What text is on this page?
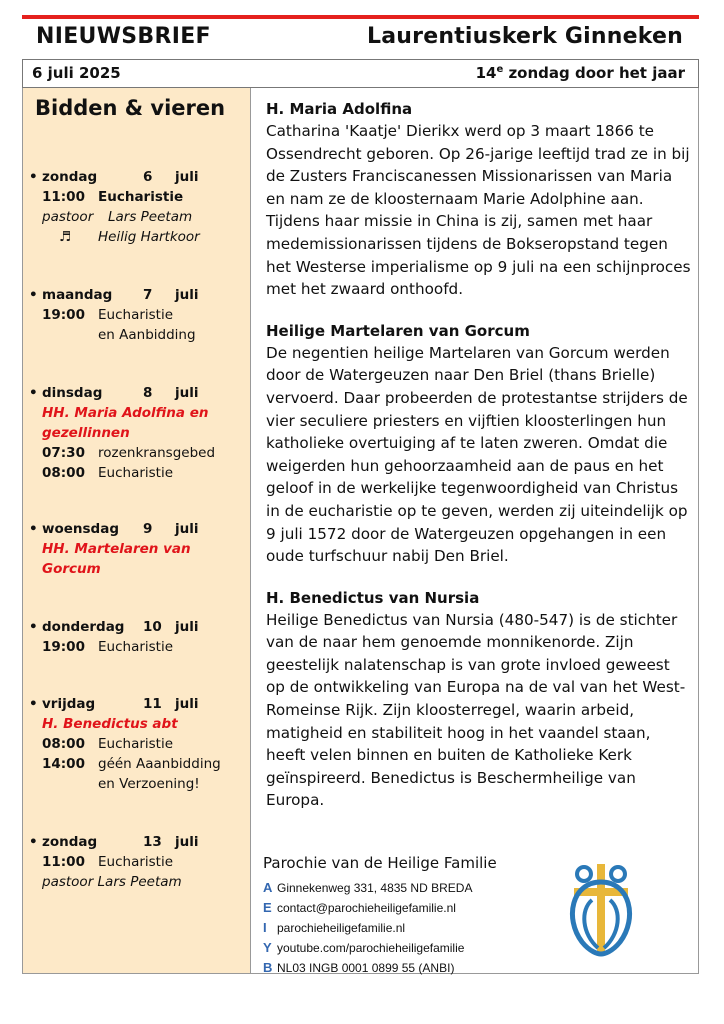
NIEUWSBRIEF	Laurentiuskerk Ginneken
6 juli 2025	14e zondag door het jaar
Bidden & vieren
• zondag	6 juli
11:00 Eucharistie
pastoor	Lars Peetam
♬	Heilig Hartkoor
• maandag 7 juli
19:00 Eucharistie
en Aanbidding
• dinsdag	8 juli
HH. Maria Adolfina en gezellinnen
07:30 rozenkransgebed
08:00 Eucharistie
• woensdag 9 juli
HH. Martelaren van Gorcum
• donderdag 10 juli
19:00 Eucharistie
• vrijdag	11 juli
H. Benedictus abt
08:00 Eucharistie
14:00 géén Aaanbidding
en Verzoening!
• zondag	13 juli
11:00 Eucharistie
pastoor Lars Peetam
H. Maria Adolfina

Catharina 'Kaatje' Dierikx werd op 3 maart 1866 te Ossendrecht geboren. Op 26-jarige leeftijd trad ze in bij de Zusters Franciscanessen Missionarissen van Maria en nam ze de kloosternaam Marie Adolphine aan. Tijdens haar missie in China is zij, samen met haar medemissionarissen tijdens de Bokseropstand tegen het Westerse imperialisme op 9 juli na een schijnproces met het zwaard onthoofd.

Heilige Martelaren van Gorcum

De negentien heilige Martelaren van Gorcum werden door de Watergeuzen naar Den Briel (thans Brielle) vervoerd. Daar probeerden de protestantse strijders de vier seculiere priesters en vijftien kloosterlingen hun katholieke overtuiging af te laten zweren. Omdat die weigerden hun gehoorzaamheid aan de paus en het geloof in de werkelijke tegenwoordigheid van Christus in de eucharistie op te geven, werden zij uiteindelijk op 9 juli 1572 door de Watergeuzen opgehangen in een oude turfschuur nabij Den Briel.

H. Benedictus van Nursia

Heilige Benedictus van Nursia (480-547) is de stichter van de naar hem genoemde monnikenorde. Zijn geestelijk nalatenschap is van grote invloed geweest op de ontwikkeling van Europa na de val van het West-Romeinse Rijk. Zijn kloosterregel, waarin arbeid, matigheid en stabiliteit hoog in het vaandel staan, heeft velen binnen en buiten de Katholieke Kerk geïnspireerd. Benedictus is Beschermheilige van Europa.

Parochie van de Heilige Familie
A Ginnekenweg 331, 4835 ND BREDA
E contact@parochieheiligefamilie.nl
I parochieheiligefamilie.nl
Y youtube.com/parochieheiligefamilie
B NL03 INGB 0001 0899 55 (ANBI)
